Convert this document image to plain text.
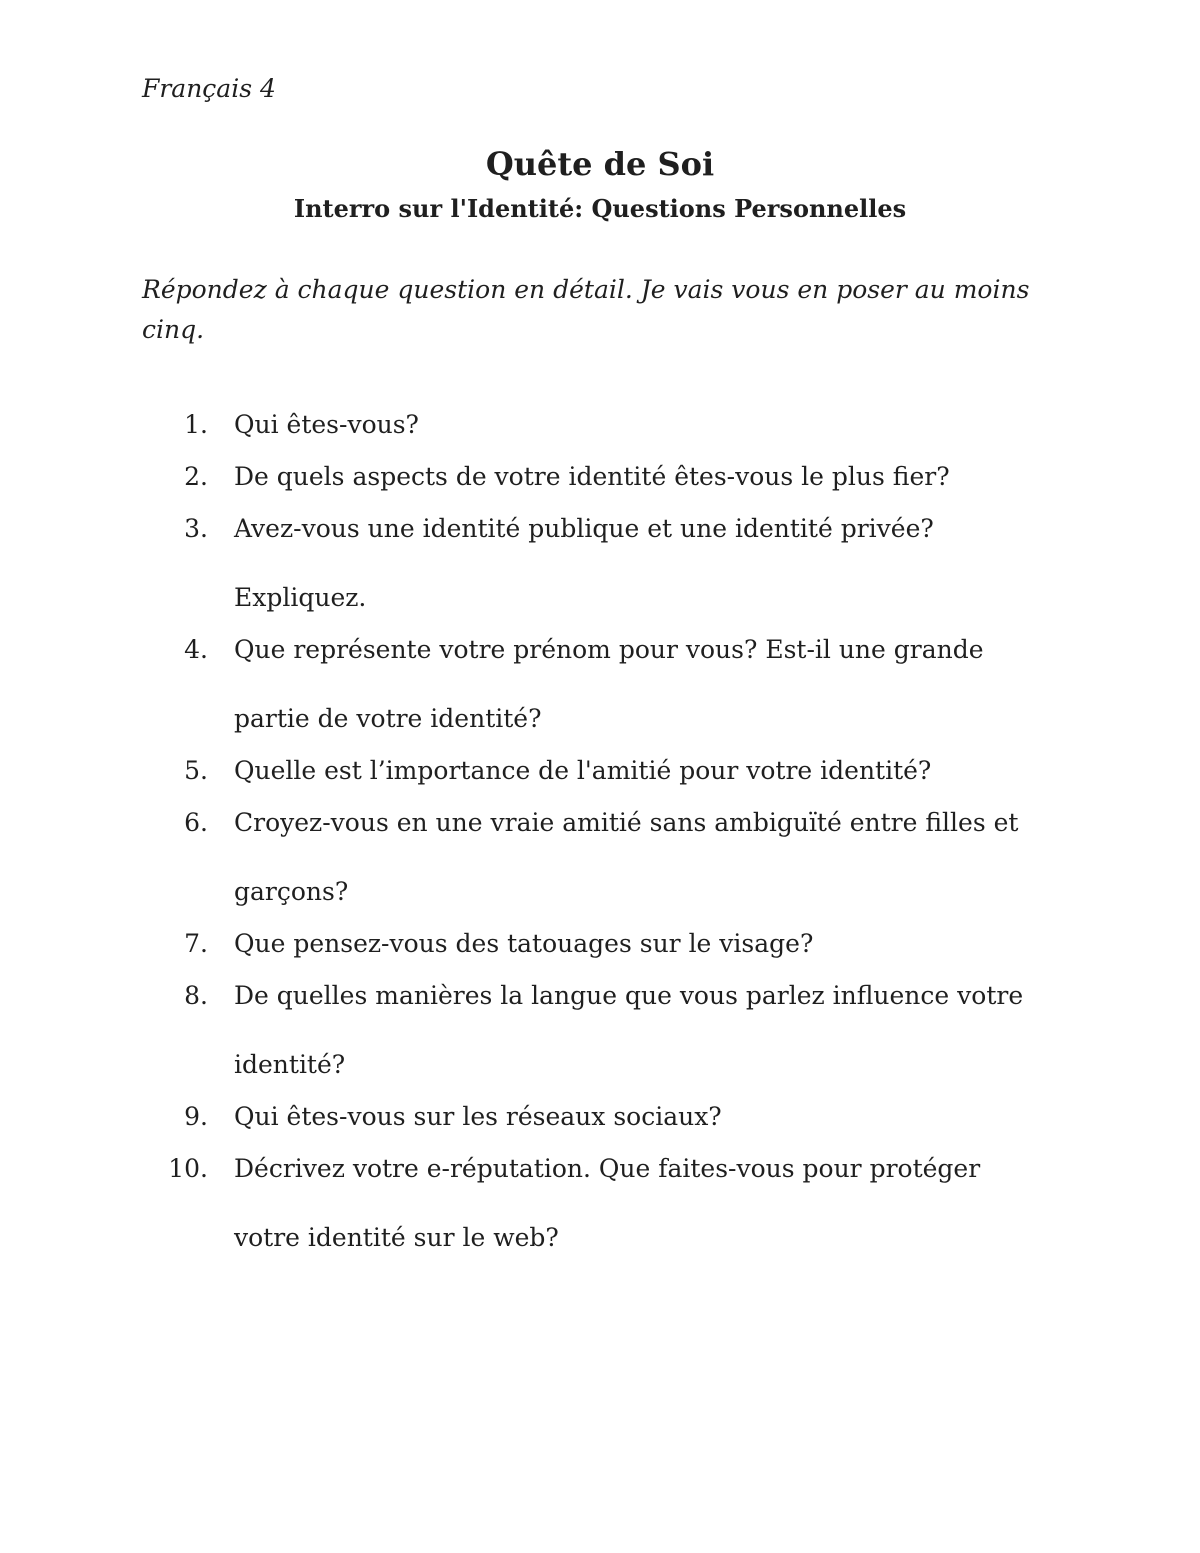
Français 4
Quête de Soi
Interro sur l'Identité: Questions Personnelles
Répondez à chaque question en détail. Je vais vous en poser au moins cinq.
1. Qui êtes-vous?
2. De quels aspects de votre identité êtes-vous le plus fier?
3. Avez-vous une identité publique et une identité privée? Expliquez.
4. Que représente votre prénom pour vous? Est-il une grande partie de votre identité?
5. Quelle est l’importance de l'amitié pour votre identité?
6. Croyez-vous en une vraie amitié sans ambiguïté entre filles et garçons?
7. Que pensez-vous des tatouages sur le visage?
8. De quelles manières la langue que vous parlez influence votre identité?
9. Qui êtes-vous sur les réseaux sociaux?
10. Décrivez votre e-réputation. Que faites-vous pour protéger votre identité sur le web?
